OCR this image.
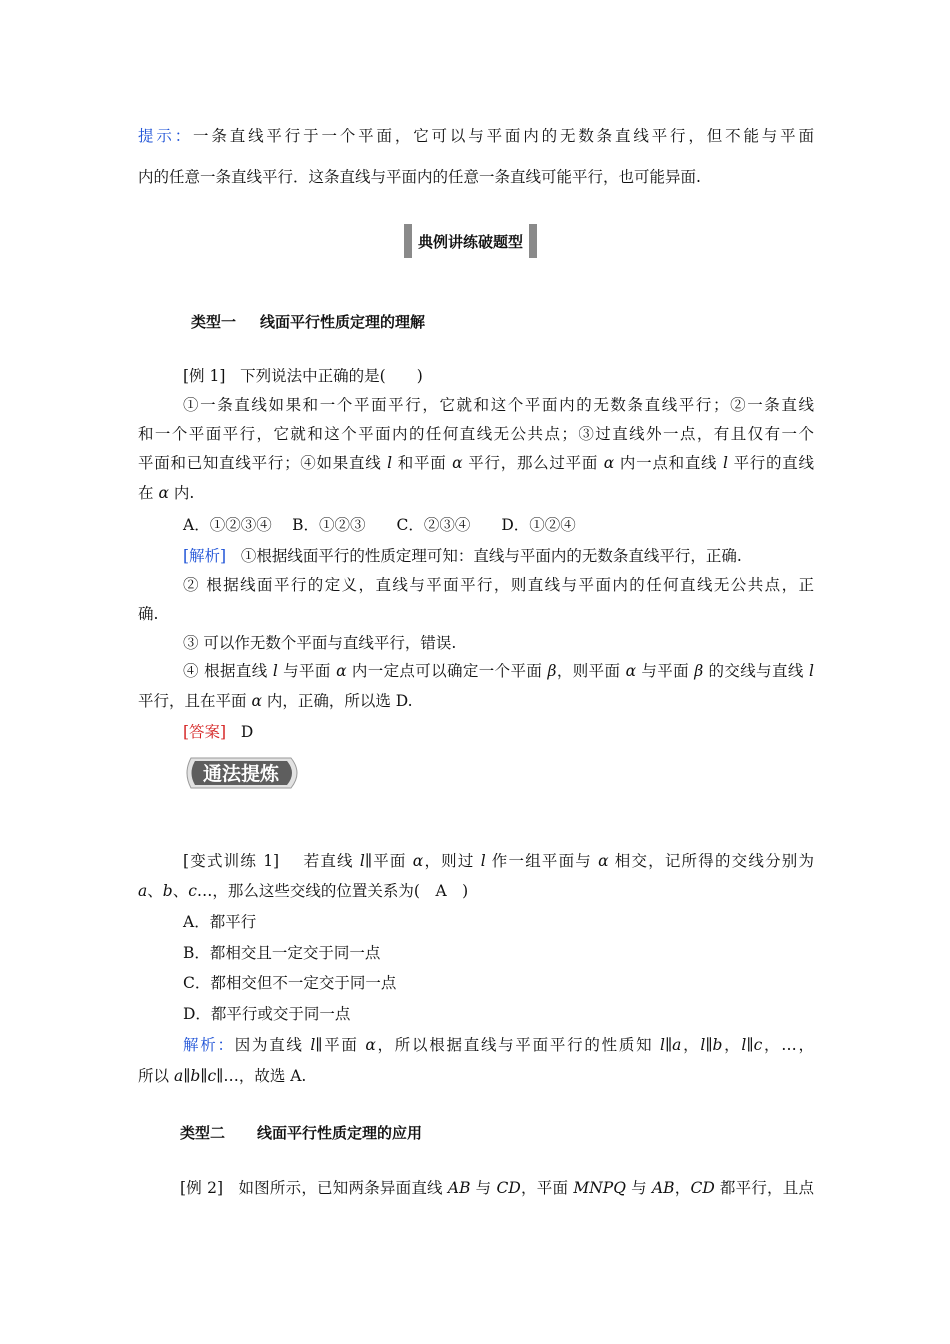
提示：一条直线平行于一个平面，它可以与平面内的无数条直线平行，但不能与平面
内的任意一条直线平行．这条直线与平面内的任意一条直线可能平行，也可能异面.
典例讲练破题型
类型一 线面平行性质定理的理解
[例 1] 下列说法中正确的是(　　)
①一条直线如果和一个平面平行，它就和这个平面内的无数条直线平行；②一条直线
和一个平面平行，它就和这个平面内的任何直线无公共点；③过直线外一点，有且仅有一个
平面和已知直线平行；④如果直线 l 和平面 α 平行，那么过平面 α 内一点和直线 l 平行的直线
在 α 内.
A．①②③④　 B．①②③　　C．②③④　　D．①②④
[解析] ①根据线面平行的性质定理可知：直线与平面内的无数条直线平行，正确.
② 根据线面平行的定义，直线与平面平行，则直线与平面内的任何直线无公共点，正
确.
③ 可以作无数个平面与直线平行，错误.
④ 根据直线 l 与平面 α 内一定点可以确定一个平面 β，则平面 α 与平面 β 的交线与直线 l
平行，且在平面 α 内，正确，所以选 D.
[答案] D
通法提炼
[变式训练 1] 若直线 l∥平面 α，则过 l 作一组平面与 α 相交，记所得的交线分别为
a、b、c…，那么这些交线的位置关系为(　A　)
A．都平行
B．都相交且一定交于同一点
C．都相交但不一定交于同一点
D．都平行或交于同一点
解析：因为直线 l∥平面 α，所以根据直线与平面平行的性质知 l∥a，l∥b，l∥c，…，
所以 a∥b∥c∥…，故选 A.
类型二 线面平行性质定理的应用
[例 2] 如图所示，已知两条异面直线 AB 与 CD，平面 MNPQ 与 AB，CD 都平行，且点
